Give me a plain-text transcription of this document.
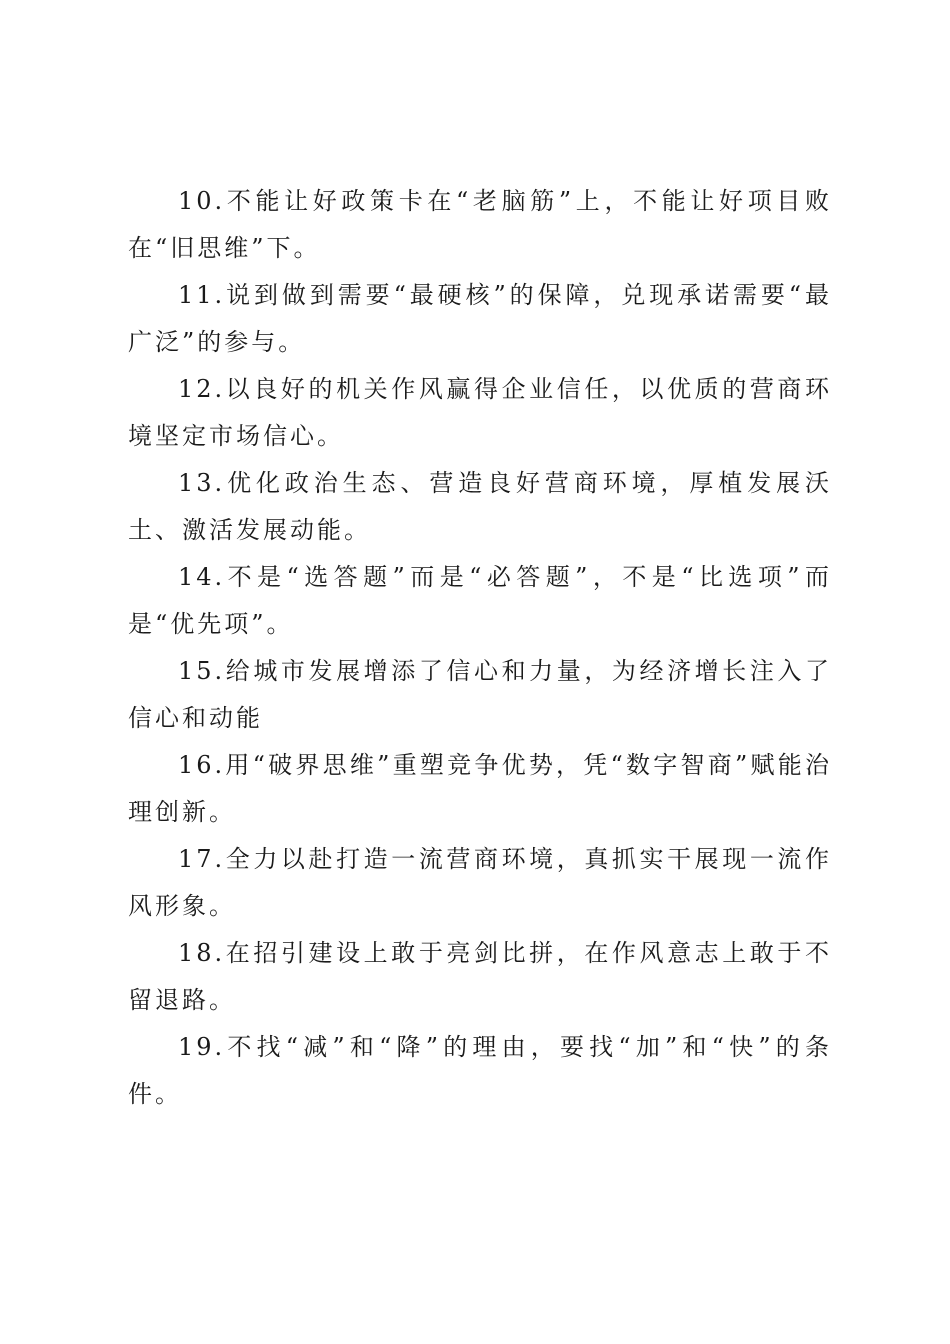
10.不能让好政策卡在“老脑筋”上，不能让好项目败在“旧思维”下。

11.说到做到需要“最硬核”的保障，兑现承诺需要“最广泛”的参与。

12.以良好的机关作风赢得企业信任，以优质的营商环境坚定市场信心。

13.优化政治生态、营造良好营商环境，厚植发展沃土、激活发展动能。

14.不是“选答题”而是“必答题”，不是“比选项”而是“优先项”。

15.给城市发展增添了信心和力量，为经济增长注入了信心和动能

16.用“破界思维”重塑竞争优势，凭“数字智商”赋能治理创新。

17.全力以赴打造一流营商环境，真抓实干展现一流作风形象。

18.在招引建设上敢于亮剑比拼，在作风意志上敢于不留退路。

19.不找“减”和“降”的理由，要找“加”和“快”的条件。
